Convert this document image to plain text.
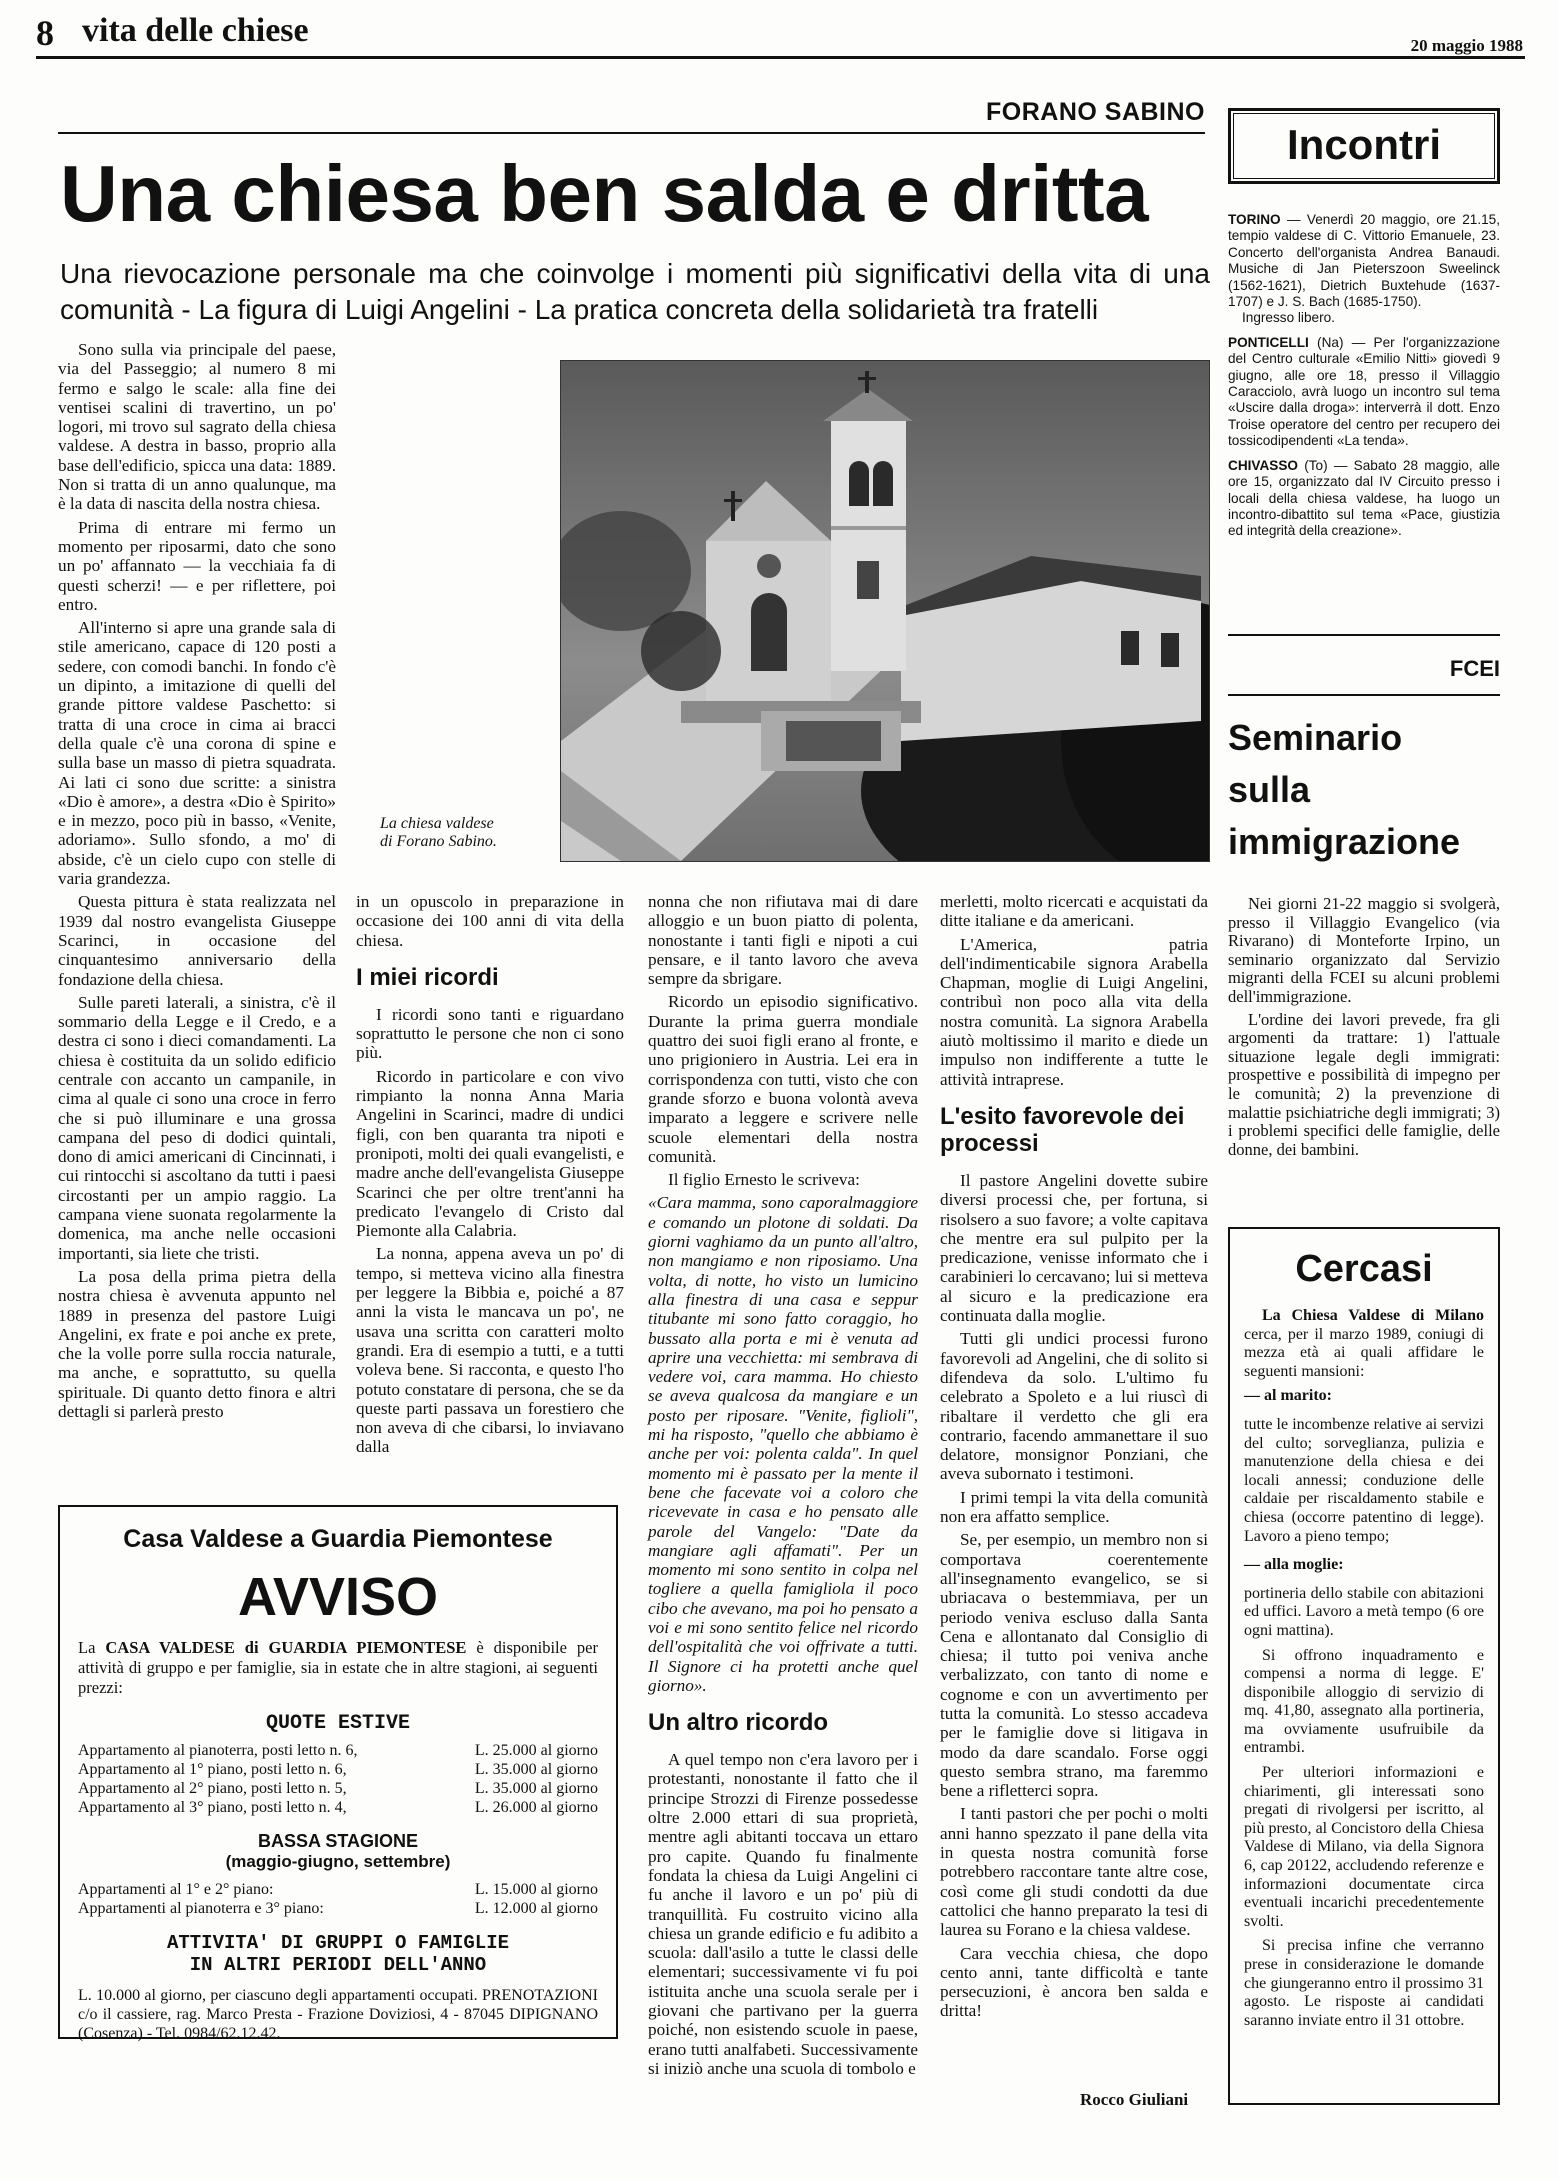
8 vita delle chiese	20 maggio 1988
FORANO SABINO
Una chiesa ben salda e dritta
Una rievocazione personale ma che coinvolge i momenti più significativi della vita di una comunità - La figura di Luigi Angelini - La pratica concreta della solidarietà tra fratelli
La chiesa valdese
di Forano Sabino.

Sono sulla via principale del paese, via del Passeggio; al numero 8 mi fermo e salgo le scale: alla fine dei ventisei scalini di travertino, un po' logori, mi trovo sul sagrato della chiesa valdese. A destra in basso, proprio alla base dell'edificio, spicca una data: 1889. Non si tratta di un anno qualunque, ma è la data di nascita della nostra chiesa.

Prima di entrare mi fermo un momento per riposarmi, dato che sono un po' affannato — la vecchiaia fa di questi scherzi! — e per riflettere, poi entro.

All'interno si apre una grande sala di stile americano, capace di 120 posti a sedere, con comodi banchi. In fondo c'è un dipinto, a imitazione di quelli del grande pittore valdese Paschetto: si tratta di una croce in cima ai bracci della quale c'è una corona di spine e sulla base un masso di pietra squadrata. Ai lati ci sono due scritte: a sinistra «Dio è amore», a destra «Dio è Spirito» e in mezzo, poco più in basso, «Venite, adoriamo». Sullo sfondo, a mo' di abside, c'è un cielo cupo con stelle di varia grandezza.

Questa pittura è stata realizzata nel 1939 dal nostro evangelista Giuseppe Scarinci, in occasione del cinquantesimo anniversario della fondazione della chiesa.

Sulle pareti laterali, a sinistra, c'è il sommario della Legge e il Credo, e a destra ci sono i dieci comandamenti. La chiesa è costituita da un solido edificio centrale con accanto un campanile, in cima al quale ci sono una croce in ferro che si può illuminare e una grossa campana del peso di dodici quintali, dono di amici americani di Cincinnati, i cui rintocchi si ascoltano da tutti i paesi circostanti per un ampio raggio. La campana viene suonata regolarmente la domenica, ma anche nelle occasioni importanti, sia liete che tristi.

La posa della prima pietra della nostra chiesa è avvenuta appunto nel 1889 in presenza del pastore Luigi Angelini, ex frate e poi anche ex prete, che la volle porre sulla roccia naturale, ma anche, e soprattutto, su quella spirituale. Di quanto detto finora e altri dettagli si parlerà presto

in un opuscolo in preparazione in occasione dei 100 anni di vita della chiesa.

I miei ricordi

I ricordi sono tanti e riguardano soprattutto le persone che non ci sono più.

Ricordo in particolare e con vivo rimpianto la nonna Anna Maria Angelini in Scarinci, madre di undici figli, con ben quaranta tra nipoti e pronipoti, molti dei quali evangelisti, e madre anche dell'evangelista Giuseppe Scarinci che per oltre trent'anni ha predicato l'evangelo di Cristo dal Piemonte alla Calabria.

La nonna, appena aveva un po' di tempo, si metteva vicino alla finestra per leggere la Bibbia e, poiché a 87 anni la vista le mancava un po', ne usava una scritta con caratteri molto grandi. Era di esempio a tutti, e a tutti voleva bene. Si racconta, e questo l'ho potuto constatare di persona, che se da queste parti passava un forestiero che non aveva di che cibarsi, lo inviavano dalla

nonna che non rifiutava mai di dare alloggio e un buon piatto di polenta, nonostante i tanti figli e nipoti a cui pensare, e il tanto lavoro che aveva sempre da sbrigare.

Ricordo un episodio significativo. Durante la prima guerra mondiale quattro dei suoi figli erano al fronte, e uno prigioniero in Austria. Lei era in corrispondenza con tutti, visto che con grande sforzo e buona volontà aveva imparato a leggere e scrivere nelle scuole elementari della nostra comunità.

Il figlio Ernesto le scriveva:

«Cara mamma, sono caporalmaggiore e comando un plotone di soldati. Da giorni vaghiamo da un punto all'altro, non mangiamo e non riposiamo. Una volta, di notte, ho visto un lumicino alla finestra di una casa e seppur titubante mi sono fatto coraggio, ho bussato alla porta e mi è venuta ad aprire una vecchietta: mi sembrava di vedere voi, cara mamma. Ho chiesto se aveva qualcosa da mangiare e un posto per riposare. "Venite, figlioli", mi ha risposto, "quello che abbiamo è anche per voi: polenta calda". In quel momento mi è passato per la mente il bene che facevate voi a coloro che ricevevate in casa e ho pensato alle parole del Vangelo: "Date da mangiare agli affamati". Per un momento mi sono sentito in colpa nel togliere a quella famigliola il poco cibo che avevano, ma poi ho pensato a voi e mi sono sentito felice nel ricordo dell'ospitalità che voi offrivate a tutti. Il Signore ci ha protetti anche quel giorno».

Un altro ricordo

A quel tempo non c'era lavoro per i protestanti, nonostante il fatto che il principe Strozzi di Firenze possedesse oltre 2.000 ettari di sua proprietà, mentre agli abitanti toccava un ettaro pro capite. Quando fu finalmente fondata la chiesa da Luigi Angelini ci fu anche il lavoro e un po' più di tranquillità. Fu costruito vicino alla chiesa un grande edificio e fu adibito a scuola: dall'asilo a tutte le classi delle elementari; successivamente vi fu poi istituita anche una scuola serale per i giovani che partivano per la guerra poiché, non esistendo scuole in paese, erano tutti analfabeti. Successivamente si iniziò anche una scuola di tombolo e

merletti, molto ricercati e acquistati da ditte italiane e da americani.

L'America, patria dell'indimenticabile signora Arabella Chapman, moglie di Luigi Angelini, contribuì non poco alla vita della nostra comunità. La signora Arabella aiutò moltissimo il marito e diede un impulso non indifferente a tutte le attività intraprese.

L'esito favorevole dei processi

Il pastore Angelini dovette subire diversi processi che, per fortuna, si risolsero a suo favore; a volte capitava che mentre era sul pulpito per la predicazione, venisse informato che i carabinieri lo cercavano; lui si metteva al sicuro e la predicazione era continuata dalla moglie.

Tutti gli undici processi furono favorevoli ad Angelini, che di solito si difendeva da solo. L'ultimo fu celebrato a Spoleto e a lui riuscì di ribaltare il verdetto che gli era contrario, facendo ammanettare il suo delatore, monsignor Ponziani, che aveva subornato i testimoni.

I primi tempi la vita della comunità non era affatto semplice.

Se, per esempio, un membro non si comportava coerentemente all'insegnamento evangelico, se si ubriacava o bestemmiava, per un periodo veniva escluso dalla Santa Cena e allontanato dal Consiglio di chiesa; il tutto poi veniva anche verbalizzato, con tanto di nome e cognome e con un avvertimento per tutta la comunità. Lo stesso accadeva per le famiglie dove si litigava in modo da dare scandalo. Forse oggi questo sembra strano, ma faremmo bene a rifletterci sopra.

I tanti pastori che per pochi o molti anni hanno spezzato il pane della vita in questa nostra comunità forse potrebbero raccontare tante altre cose, così come gli studi condotti da due cattolici che hanno preparato la tesi di laurea su Forano e la chiesa valdese.

Cara vecchia chiesa, che dopo cento anni, tante difficoltà e tante persecuzioni, è ancora ben salda e dritta!

Rocco Giuliani
Casa Valdese a Guardia Piemontese
AVVISO
La CASA VALDESE di GUARDIA PIEMONTESE è disponibile per attività di gruppo e per famiglie, sia in estate che in altre stagioni, ai seguenti prezzi:
QUOTE ESTIVE
Appartamento al pianoterra, posti letto n. 6,	L. 25.000 al giorno
Appartamento al 1° piano, posti letto n. 6,	L. 35.000 al giorno
Appartamento al 2° piano, posti letto n. 5,	L. 35.000 al giorno
Appartamento al 3° piano, posti letto n. 4,	L. 26.000 al giorno
BASSA STAGIONE
(maggio-giugno, settembre)
Appartamenti al 1° e 2° piano:	L. 15.000 al giorno
Appartamenti al pianoterra e 3° piano:	L. 12.000 al giorno
ATTIVITA' DI GRUPPI O FAMIGLIE
IN ALTRI PERIODI DELL'ANNO
L. 10.000 al giorno, per ciascuno degli appartamenti occupati. PRENOTAZIONI c/o il cassiere, rag. Marco Presta - Frazione Doviziosi, 4 - 87045 DIPIGNANO (Cosenza) - Tel. 0984/62.12.42.
Incontri

TORINO — Venerdì 20 maggio, ore 21.15, tempio valdese di C. Vittorio Emanuele, 23. Concerto dell'organista Andrea Banaudi. Musiche di Jan Pieterszoon Sweelinck (1562-1621), Dietrich Buxtehude (1637-1707) e J. S. Bach (1685-1750).
Ingresso libero.

PONTICELLI (Na) — Per l'organizzazione del Centro culturale «Emilio Nitti» giovedì 9 giugno, alle ore 18, presso il Villaggio Caracciolo, avrà luogo un incontro sul tema «Uscire dalla droga»: interverrà il dott. Enzo Troise operatore del centro per recupero dei tossicodipendenti «La tenda».

CHIVASSO (To) — Sabato 28 maggio, alle ore 15, organizzato dal IV Circuito presso i locali della chiesa valdese, ha luogo un incontro-dibattito sul tema «Pace, giustizia ed integrità della creazione».

FCEI
Seminario
sulla
immigrazione

Nei giorni 21-22 maggio si svolgerà, presso il Villaggio Evangelico (via Rivarano) di Monteforte Irpino, un seminario organizzato dal Servizio migranti della FCEI su alcuni problemi dell'immigrazione.

L'ordine dei lavori prevede, fra gli argomenti da trattare: 1) l'attuale situazione legale degli immigrati: prospettive e possibilità di impegno per le comunità; 2) la prevenzione di malattie psichiatriche degli immigrati; 3) i problemi specifici delle famiglie, delle donne, dei bambini.

Cercasi

La Chiesa Valdese di Milano cerca, per il marzo 1989, coniugi di mezza età ai quali affidare le seguenti mansioni:

— al marito:

tutte le incombenze relative ai servizi del culto; sorveglianza, pulizia e manutenzione della chiesa e dei locali annessi; conduzione delle caldaie per riscaldamento stabile e chiesa (occorre patentino di legge). Lavoro a pieno tempo;

— alla moglie:

portineria dello stabile con abitazioni ed uffici. Lavoro a metà tempo (6 ore ogni mattina).

Si offrono inquadramento e compensi a norma di legge. E' disponibile alloggio di servizio di mq. 41,80, assegnato alla portineria, ma ovviamente usufruibile da entrambi.

Per ulteriori informazioni e chiarimenti, gli interessati sono pregati di rivolgersi per iscritto, al più presto, al Concistoro della Chiesa Valdese di Milano, via della Signora 6, cap 20122, accludendo referenze e informazioni documentate circa eventuali incarichi precedentemente svolti.

Si precisa infine che verranno prese in considerazione le domande che giungeranno entro il prossimo 31 agosto. Le risposte ai candidati saranno inviate entro il 31 ottobre.
